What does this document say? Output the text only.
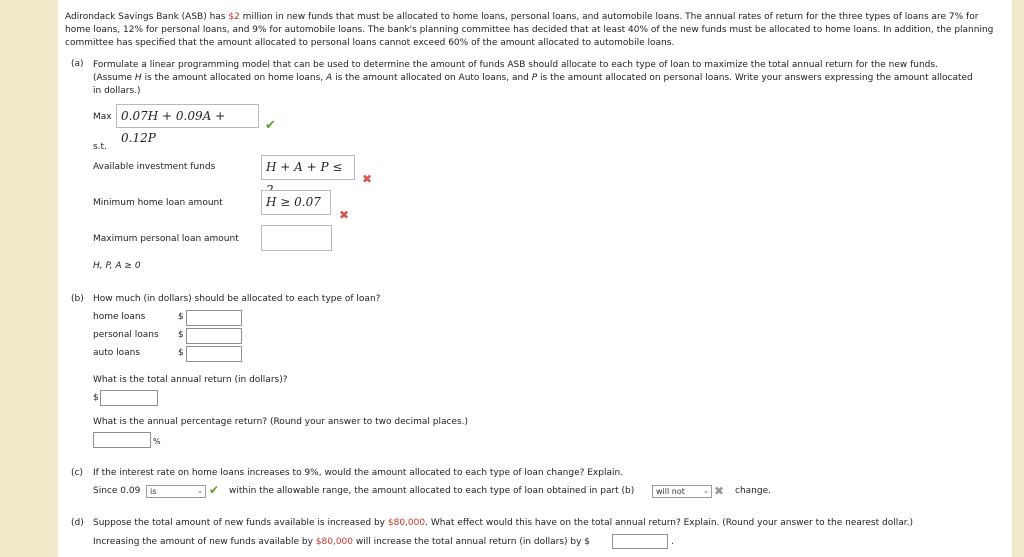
Adirondack Savings Bank (ASB) has $2 million in new funds that must be allocated to home loans, personal loans, and automobile loans. The annual rates of return for the three types of loans are 7% for home loans, 12% for personal loans, and 9% for automobile loans. The bank's planning committee has decided that at least 40% of the new funds must be allocated to home loans. In addition, the planning committee has specified that the amount allocated to personal loans cannot exceed 60% of the amount allocated to automobile loans.
(a) Formulate a linear programming model that can be used to determine the amount of funds ASB should allocate to each type of loan to maximize the total annual return for the new funds.
(Assume H is the amount allocated on home loans, A is the amount allocated on Auto loans, and P is the amount allocated on personal loans. Write your answers expressing the amount allocated
in dollars.)
Max 0.07H + 0.09A + 0.12P
✔
s.t.
Available investment funds	H + A + P ≤
✖
Minimum home loan amount	H ≥ 0.07
✖
Maximum personal loan amount
H, P, A ≥ 0
(b) How much (in dollars) should be allocated to each type of loan?
home loans	$
personal loans $
auto loans	$
What is the total annual return (in dollars)?
$
What is the annual percentage return? (Round your answer to two decimal places.)
%
(c) If the interest rate on home loans increases to 9%, would the amount allocated to each type of loan change? Explain.
Since 0.09	is	⌄ ✔ within the allowable range, the amount allocated to each type of loan obtained in part (b)	will not	⌄ ✖ change.
(d) Suppose the total amount of new funds available is increased by $80,000. What effect would this have on the total annual return? Explain. (Round your answer to the nearest dollar.)
Increasing the amount of new funds available by $80,000 will increase the total annual return (in dollars) by $	.
